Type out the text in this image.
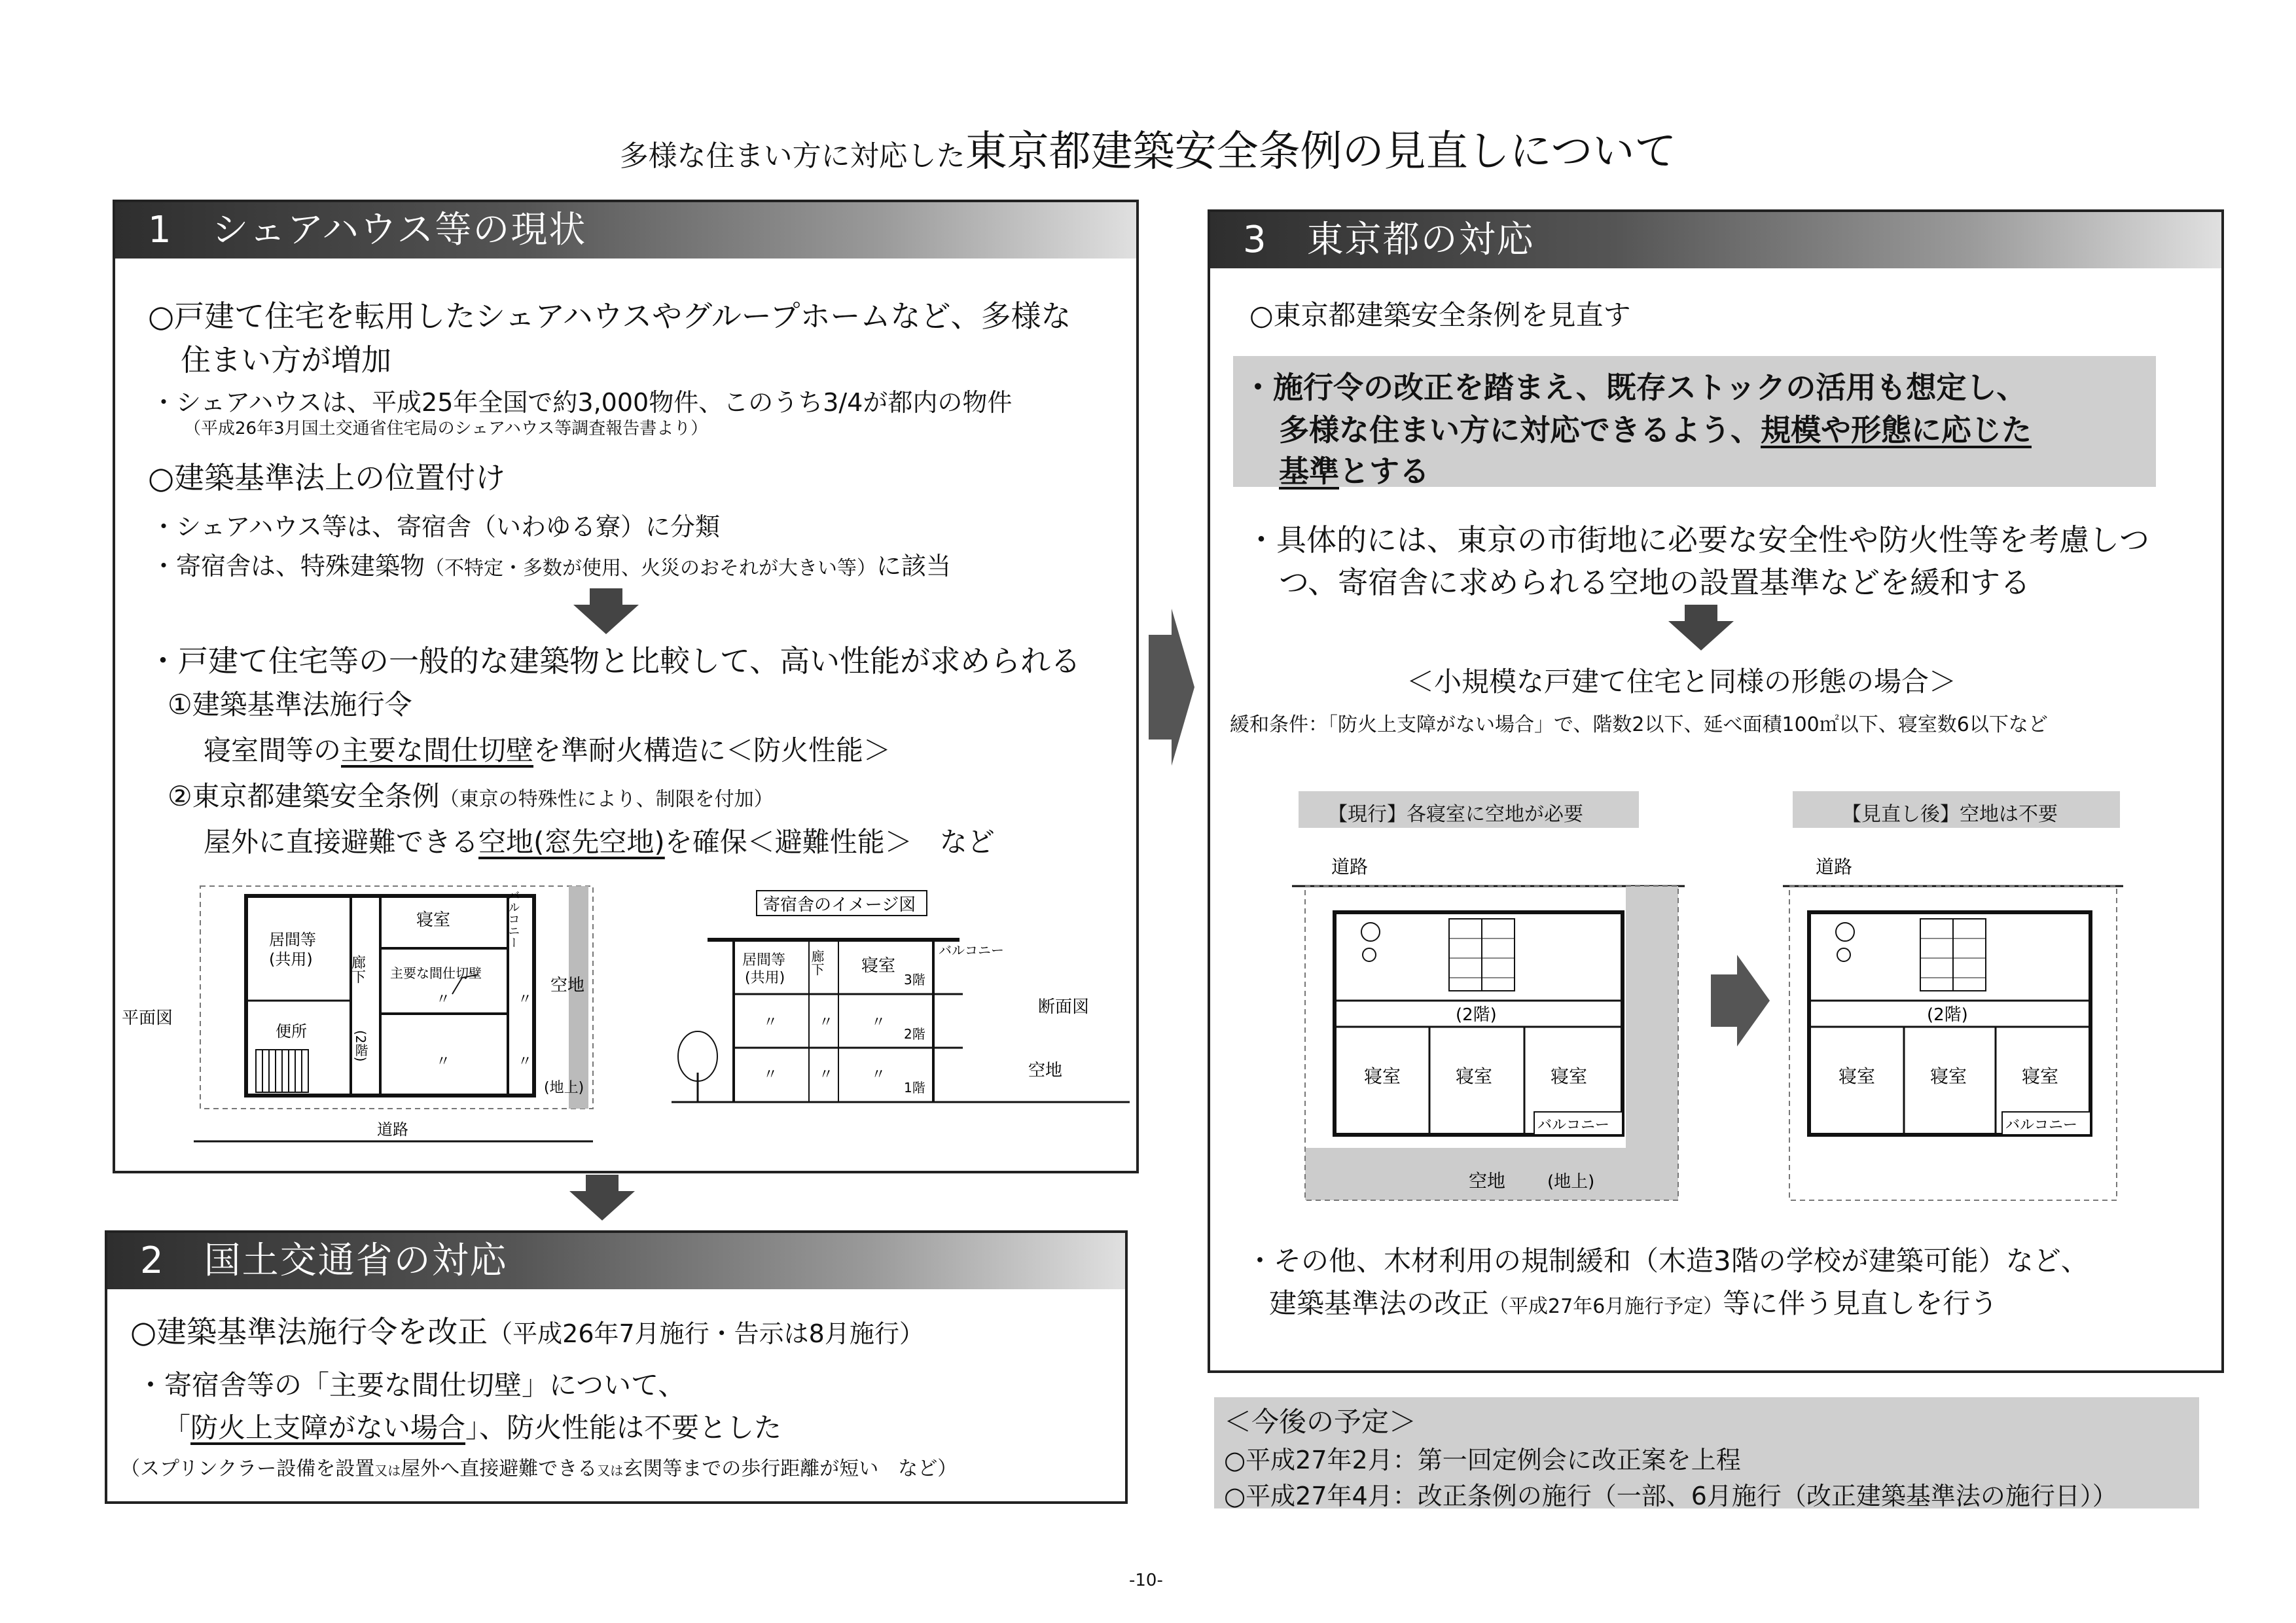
多様な住まい方に対応した東京都建築安全条例の見直しについて
1 シェアハウス等の現状
○戸建て住宅を転用したシェアハウスやグループホームなど、多様な
住まい方が増加
・シェアハウスは、平成25年全国で約3,000物件、このうち3/4が都内の物件
（平成26年3月国土交通省住宅局のシェアハウス等調査報告書より）
○建築基準法上の位置付け
・シェアハウス等は、寄宿舎（いわゆる寮）に分類
・寄宿舎は、特殊建築物（不特定・多数が使用、火災のおそれが大きい等）に該当
・戸建て住宅等の一般的な建築物と比較して、高い性能が求められる
①建築基準法施行令
寝室間等の主要な間仕切壁を準耐火構造に＜防火性能＞
②東京都建築安全条例（東京の特殊性により、制限を付加）
屋外に直接避難できる空地(窓先空地)を確保＜避難性能＞　など
平面図
居間等
(共用)
便所
廊下
(2階)
寝室
主要な間仕切壁
〃
〃
〃
〃
バルコニー
空地
(地上)
道路
寄宿舎のイメージ図
居間等
(共用)
廊下 寝室
3階
2階
1階
〃
〃
〃
〃
〃
〃
バルコニー
断面図
空地
2 国土交通省の対応
○建築基準法施行令を改正（平成26年7月施行・告示は8月施行）
・寄宿舎等の「主要な間仕切壁」について、
「防火上支障がない場合」、防火性能は不要とした
（スプリンクラー設備を設置又は屋外へ直接避難できる又は玄関等までの歩行距離が短い　など）
3 東京都の対応
○東京都建築安全条例を見直す
・施行令の改正を踏まえ、既存ストックの活用も想定し、
多様な住まい方に対応できるよう、規模や形態に応じた
基準とする
・具体的には、東京の市街地に必要な安全性や防火性等を考慮しつ
つ、寄宿舎に求められる空地の設置基準などを緩和する
＜小規模な戸建て住宅と同様の形態の場合＞
緩和条件：「防火上支障がない場合」で、階数2以下、延べ面積100㎡以下、寝室数6以下など
【現行】各寝室に空地が必要	【見直し後】空地は不要
道路
(2階)
寝室	寝室	寝室
バルコニー
空地 (地上)
道路
(2階)
寝室	寝室	寝室
バルコニー
・その他、木材利用の規制緩和（木造3階の学校が建築可能）など、
建築基準法の改正（平成27年6月施行予定）等に伴う見直しを行う
＜今後の予定＞
○平成27年2月：第一回定例会に改正案を上程
○平成27年4月：改正条例の施行（一部、6月施行（改正建築基準法の施行日））
-10-
